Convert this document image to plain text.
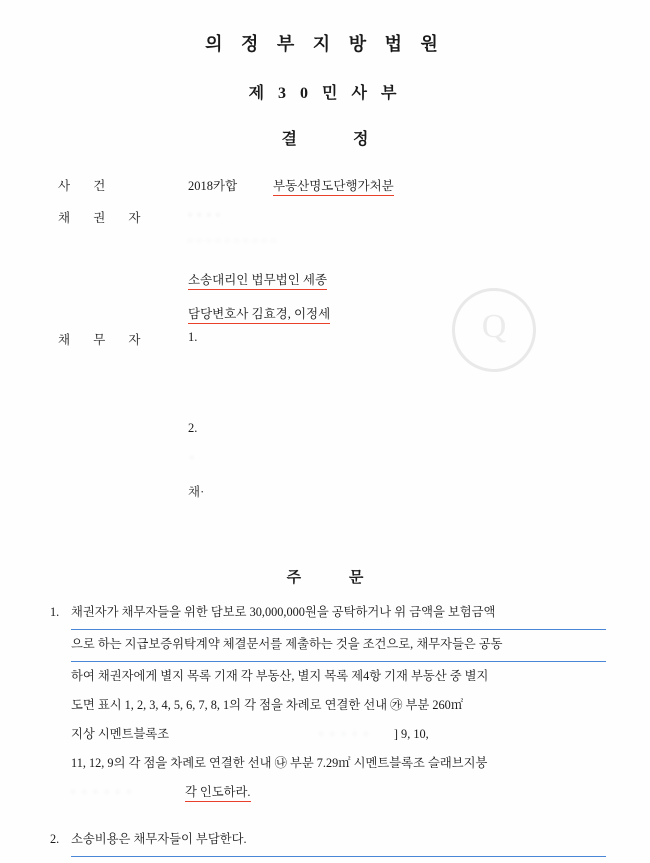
Q
의 정 부 지 방 법 원
제 3 0 민 사 부
결 정
사 건	2018카합	부동산명도단행가처분
채 권 자	· · · ·
· · · · · · · · · ·
소송대리인 법무법인 세종
담당변호사 김효경, 이정세
채 무 자	1.
2.
·
채·
주 문
1. 채권자가 채무자들을 위한 담보로 30,000,000원을 공탁하거나 위 금액을 보험금액
으로 하는 지급보증위탁계약 체결문서를 제출하는 것을 조건으로, 채무자들은 공동
하여 채권자에게 별지 목록 기재 각 부동산, 별지 목록 제4항 기재 부동산 중 별지
도면 표시 1, 2, 3, 4, 5, 6, 7, 8, 1의 각 점을 차례로 연결한 선내 ㉮ 부분 260㎡
지상 시멘트블록조	· · · · · ] 9, 10,
11, 12, 9의 각 점을 차례로 연결한 선내 ㉯ 부분 7.29㎡ 시멘트블록조 슬래브지붕
· · · · · ·	각 인도하라.
2. 소송비용은 채무자들이 부담한다.
